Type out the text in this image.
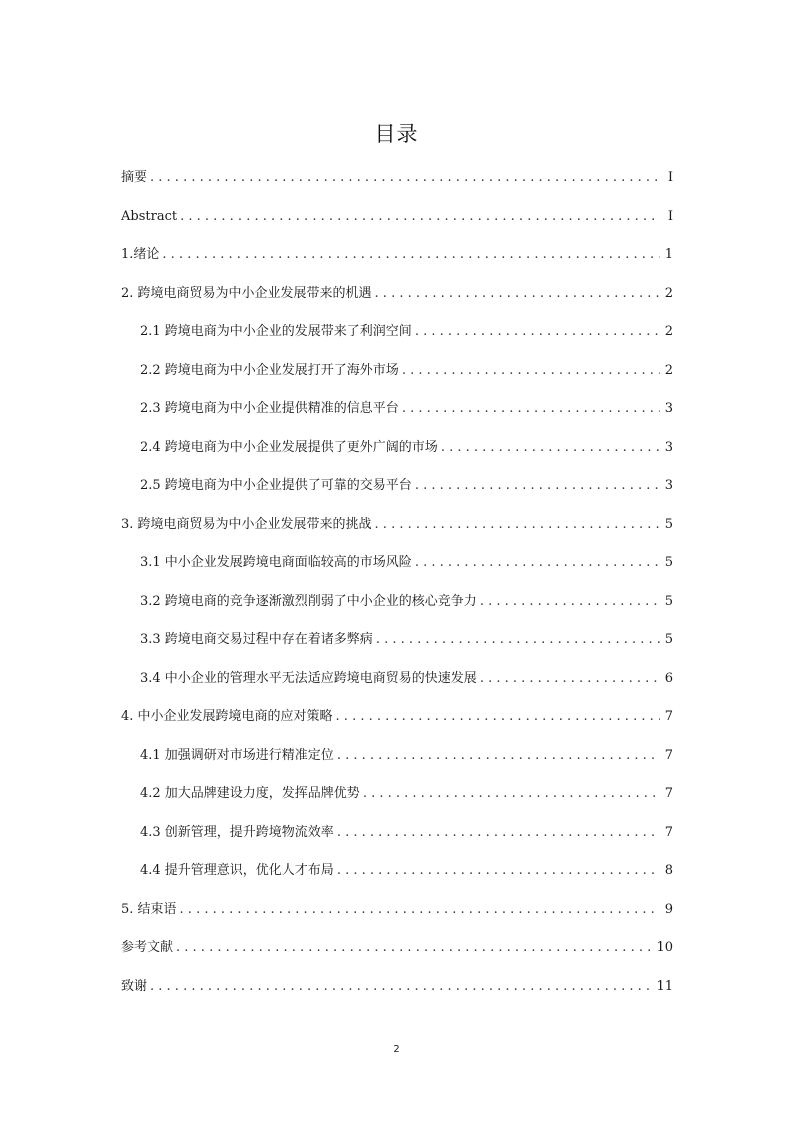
目录
摘要 . . .	I
Abstract . . .	I
1.绪论 . . .	1
2. 跨境电商贸易为中小企业发展带来的机遇 . . .	2
2.1 跨境电商为中小企业的发展带来了利润空间 . . .	2
2.2 跨境电商为中小企业发展打开了海外市场 . . .	2
2.3 跨境电商为中小企业提供精准的信息平台 . . .	3
2.4 跨境电商为中小企业发展提供了更外广阔的市场 . . .	3
2.5 跨境电商为中小企业提供了可靠的交易平台 . . .	3
3. 跨境电商贸易为中小企业发展带来的挑战 . . .	5
3.1 中小企业发展跨境电商面临较高的市场风险 . . .	5
3.2 跨境电商的竞争逐渐激烈削弱了中小企业的核心竞争力 . . .	5
3.3 跨境电商交易过程中存在着诸多弊病 . . .	5
3.4 中小企业的管理水平无法适应跨境电商贸易的快速发展 . . .	6
4. 中小企业发展跨境电商的应对策略 . . .	7
4.1 加强调研对市场进行精准定位 . . .	7
4.2 加大品牌建设力度，发挥品牌优势 . . .	7
4.3 创新管理，提升跨境物流效率 . . .	7
4.4 提升管理意识，优化人才布局 . . .	8
5. 结束语 . . .	9
参考文献 . . .	10
致谢 . . .	11
2
